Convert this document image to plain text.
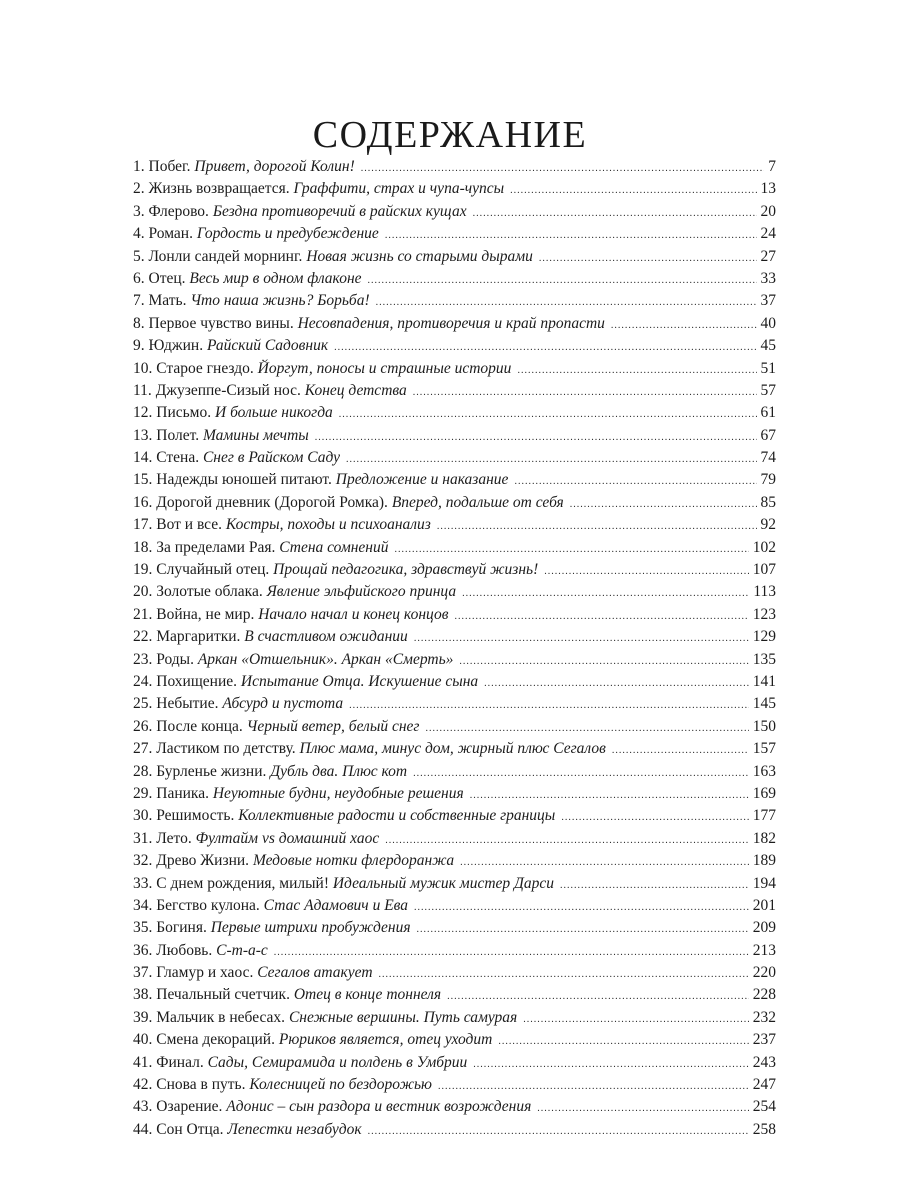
СОДЕРЖАНИЕ
1. Побег. Привет, дорогой Колин! .....	7
2. Жизнь возвращается. Граффити, страх и чупа-чупсы .....	13
3. Флерово. Бездна противоречий в райских кущах .....	20
4. Роман. Гордость и предубеждение .....	24
5. Лонли сандей морнинг. Новая жизнь со старыми дырами .....	27
6. Отец. Весь мир в одном флаконе .....	33
7. Мать. Что наша жизнь? Борьба! .....	37
8. Первое чувство вины. Несовпадения, противоречия и край пропасти .....	40
9. Юджин. Райский Садовник .....	45
10. Старое гнездо. Йоргут, поносы и страшные истории .....	51
11. Джузеппе-Сизый нос. Конец детства .....	57
12. Письмо. И больше никогда .....	61
13. Полет. Мамины мечты .....	67
14. Стена. Снег в Райском Саду .....	74
15. Надежды юношей питают. Предложение и наказание .....	79
16. Дорогой дневник (Дорогой Ромка). Вперед, подальше от себя .....	85
17. Вот и все. Костры, походы и психоанализ .....	92
18. За пределами Рая. Стена сомнений .....	102
19. Случайный отец. Прощай педагогика, здравствуй жизнь! .....	107
20. Золотые облака. Явление эльфийского принца .....	113
21. Война, не мир. Начало начал и конец концов .....	123
22. Маргаритки. В счастливом ожидании .....	129
23. Роды. Аркан «Отшельник». Аркан «Смерть» .....	135
24. Похищение. Испытание Отца. Искушение сына .....	141
25. Небытие. Абсурд и пустота .....	145
26. После конца. Черный ветер, белый снег .....	150
27. Ластиком по детству. Плюс мама, минус дом, жирный плюс Сегалов .....	157
28. Бурленье жизни. Дубль два. Плюс кот .....	163
29. Паника. Неуютные будни, неудобные решения .....	169
30. Решимость. Коллективные радости и собственные границы .....	177
31. Лето. Фултайм vs домашний хаос .....	182
32. Древо Жизни. Медовые нотки флердоранжа .....	189
33. С днем рождения, милый! Идеальный мужик мистер Дарси .....	194
34. Бегство кулона. Стас Адамович и Ева .....	201
35. Богиня. Первые штрихи пробуждения .....	209
36. Любовь. С-т-а-с .....	213
37. Гламур и хаос. Сегалов атакует .....	220
38. Печальный счетчик. Отец в конце тоннеля .....	228
39. Мальчик в небесах. Снежные вершины. Путь самурая .....	232
40. Смена декораций. Рюриков является, отец уходит .....	237
41. Финал. Сады, Семирамида и полдень в Умбрии .....	243
42. Снова в путь. Колесницей по бездорожью .....	247
43. Озарение. Адонис – сын раздора и вестник возрождения .....	254
44. Сон Отца. Лепестки незабудок .....	258
